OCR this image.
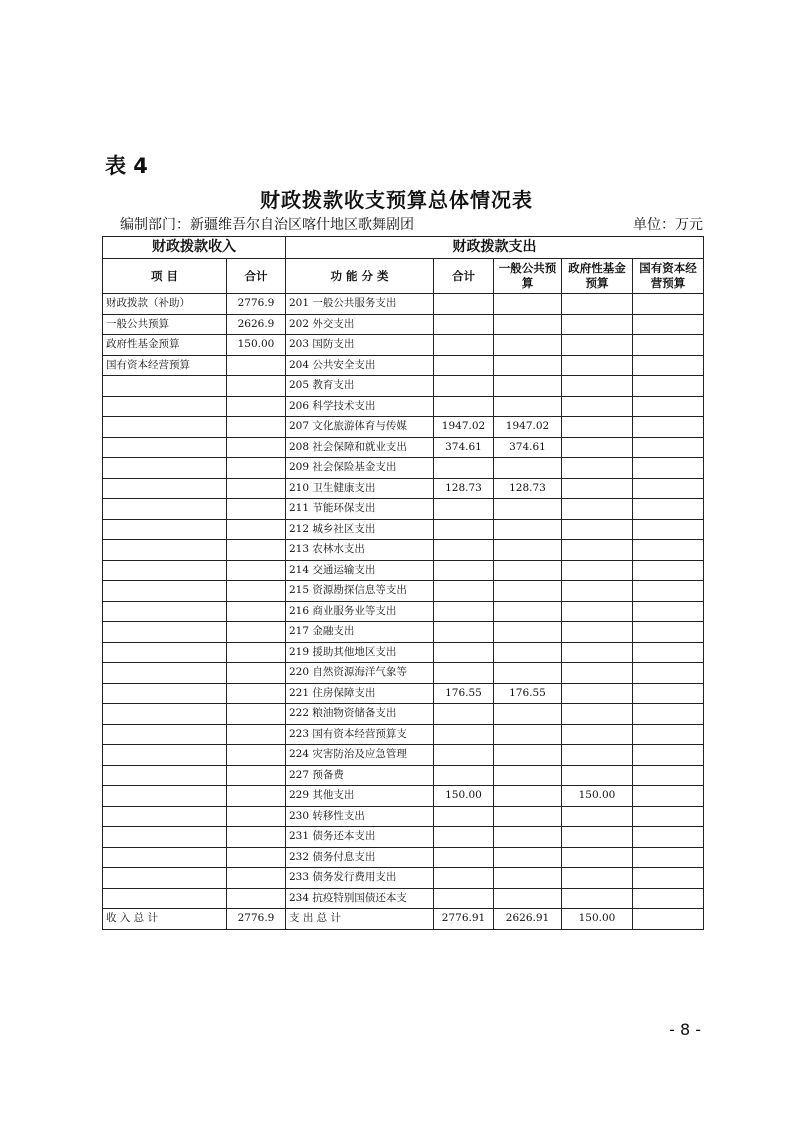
表 4
财政拨款收支预算总体情况表
编制部门：新疆维吾尔自治区喀什地区歌舞剧团	单位：万元
财政拨款收入		财政拨款支出				
项 目	合计	功 能 分 类	合计	一般公共预算	政府性基金预算	国有资本经营预算
财政拨款（补助）	2776.9	201 一般公共服务支出				
一般公共预算	2626.9	202 外交支出				
政府性基金预算	150.00	203 国防支出				
国有资本经营预算		204 公共安全支出				
		205 教育支出				
		206 科学技术支出				
		207 文化旅游体育与传媒	1947.02	1947.02		
		208 社会保障和就业支出	374.61	374.61		
		209 社会保险基金支出				
		210 卫生健康支出	128.73	128.73		
		211 节能环保支出				
		212 城乡社区支出				
		213 农林水支出				
		214 交通运输支出				
		215 资源勘探信息等支出				
		216 商业服务业等支出				
		217 金融支出				
		219 援助其他地区支出				
		220 自然资源海洋气象等				
		221 住房保障支出	176.55	176.55		
		222 粮油物资储备支出				
		223 国有资本经营预算支				
		224 灾害防治及应急管理				
		227 预备费				
		229 其他支出	150.00		150.00	
		230 转移性支出				
		231 债务还本支出				
		232 债务付息支出				
		233 债务发行费用支出				
		234 抗疫特别国债还本支				
收 入 总 计	2776.9	支 出 总 计	2776.91	2626.91	150.00	
- 8 -
